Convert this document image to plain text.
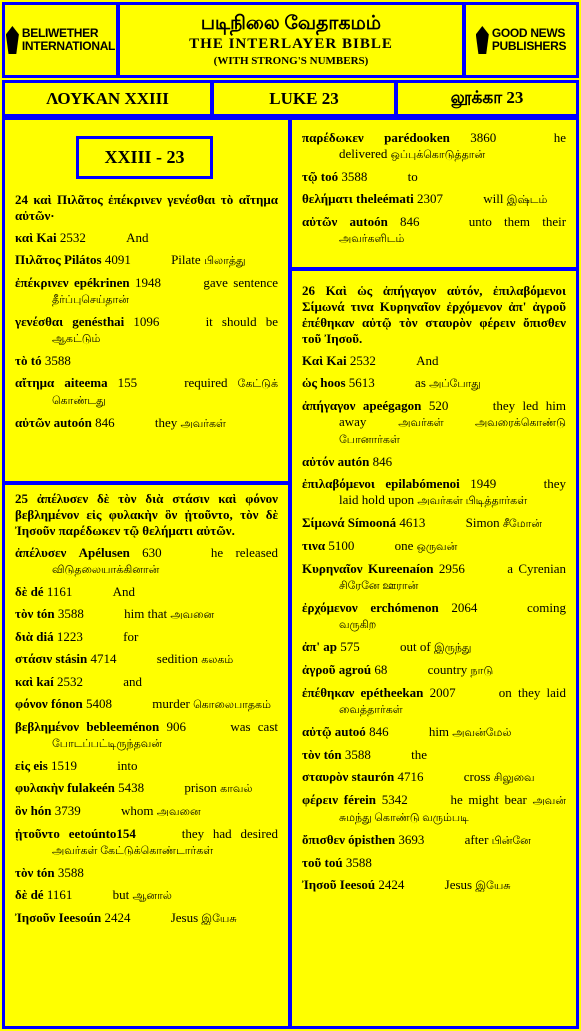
BELIWETHER
INTERNATIONAL
படிநிலை வேதாகமம்
THE INTERLAYER BIBLE
(WITH STRONG'S NUMBERS)
GOOD NEWS
PUBLISHERS
ΛΟΥΚΑΝ XXIII	LUKE 23	லூக்கா 23
XXIII - 23
24 καὶ Πιλᾶτος ἐπέκρινεν γενέσθαι τὸ αἴτημα αὐτῶν·
καὶ Kai 2532	And
Πιλᾶτος Pilátos 4091	Pilate பிலாத்து
ἐπέκρινεν epékrinen 1948	gave sentence தீர்ப்புசெய்தான்
γενέσθαι genésthai 1096	it should be ஆகட்டும்
τὸ tó 3588
αἴτημα aiteema 155	required கேட்டுக் கொண்டது
αὐτῶν autoón 846	they அவர்கள்
25 ἀπέλυσεν δὲ τὸν διὰ στάσιν καὶ φόνον βεβλημένον εἰς φυλακὴν ὃν ᾐτοῦντο, τὸν δὲ Ἰησοῦν παρέδωκεν τῷ θελήματι αὐτῶν.
ἀπέλυσεν Apélusen 630	he released விடுதலையாக்கினான்
δὲ dé 1161	And
τὸν tón 3588	him that அவனை
διὰ diá 1223	for
στάσιν stásin 4714	sedition கலகம்
καὶ kaí 2532	and
φόνον fónon 5408	murder கொலைபாதகம்
βεβλημένον bebleeménon 906	was cast போடப்பட்டிருந்தவன்
εἰς eis 1519	into
φυλακὴν fulakeén 5438	prison காவல்
ὃν hón 3739	whom அவனை
ᾐτοῦντο eetoúnto154	they had desired அவர்கள் கேட்டுக்கொண்டார்கள்
τὸν tón 3588
δὲ dé 1161	but ஆனால்
Ἰησοῦν Ieesoún 2424	Jesus இயேசு
παρέδωκεν parédooken 3860	he delivered ஒப்புக்கொடுத்தான்
τῷ toó 3588	to
θελήματι theleémati 2307	will இஷ்டம்
αὐτῶν autoón 846	unto them their அவர்களிடம்
26 Καὶ ὡς ἀπήγαγον αὐτόν, ἐπιλαβόμενοι Σίμωνά τινα Κυρηναῖον ἐρχόμενον ἀπ' ἀγροῦ ἐπέθηκαν αὐτῷ τὸν σταυρὸν φέρειν ὄπισθεν τοῦ Ἰησοῦ.
Καὶ Kai 2532	And
ὡς hoos 5613	as அப்போது
ἀπήγαγον apeégagon 520	they led him away	அவர்கள் அவரைக்கொண்டு போனார்கள்
αὐτόν autón 846
ἐπιλαβόμενοι epilabómenoi 1949	they laid hold upon அவர்கள் பிடித்தார்கள்
Σίμωνά Símooná 4613	Simon சீமோன்
τινα 5100	one ஒருவன்
Κυρηναῖον Kureenaíon 2956	a Cyrenian சிரேனே ஊரான்
ἐρχόμενον erchómenon 2064	coming வருகிற
ἀπ' ap 575	out of இருந்து
ἀγροῦ agroú 68	country நாடு
ἐπέθηκαν epétheekan 2007	on they laid வைத்தார்கள்
αὐτῷ autoó 846	him அவன்மேல்
τὸν tón 3588	the
σταυρὸν staurón 4716	cross சிலுவை
φέρειν férein 5342	he might bear அவன் சுமந்து கொண்டு வரும்படி
ὄπισθεν ópisthen 3693	after பின்னே
τοῦ toú 3588
Ἰησοῦ Ieesoú 2424	Jesus இயேசு
